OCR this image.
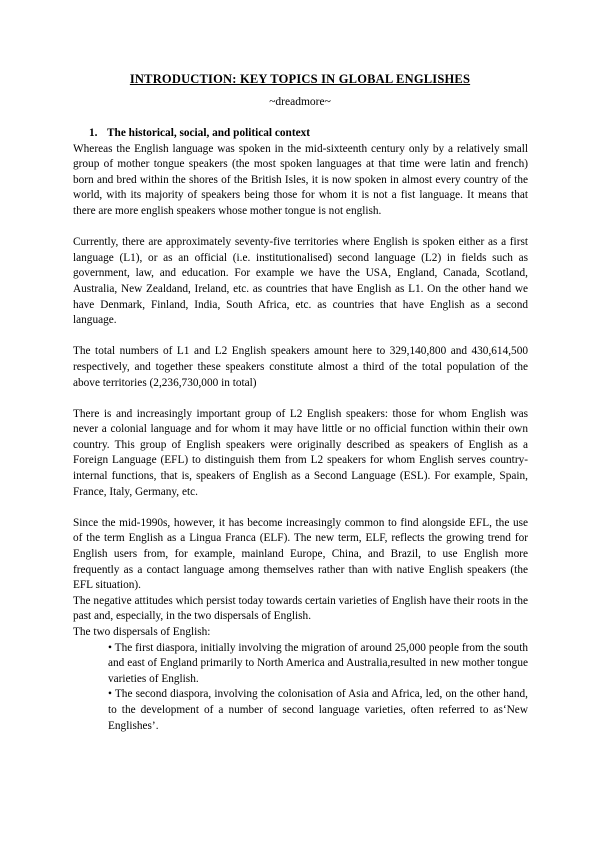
INTRODUCTION: KEY TOPICS IN GLOBAL ENGLISHES
~dreadmore~
1. The historical, social, and political context

Whereas the English language was spoken in the mid-sixteenth century only by a relatively small group of mother tongue speakers (the most spoken languages at that time were latin and french) born and bred within the shores of the British Isles, it is now spoken in almost every country of the world, with its majority of speakers being those for whom it is not a fist language. It means that there are more english speakers whose mother tongue is not english.

Currently, there are approximately seventy-five territories where English is spoken either as a first language (L1), or as an official (i.e. institutionalised) second language (L2) in fields such as government, law, and education. For example we have the USA, England, Canada, Scotland, Australia, New Zealdand, Ireland, etc. as countries that have English as L1. On the other hand we have Denmark, Finland, India, South Africa, etc. as countries that have English as a second language.

The total numbers of L1 and L2 English speakers amount here to 329,140,800 and 430,614,500 respectively, and together these speakers constitute almost a third of the total population of the above territories (2,236,730,000 in total)

There is and increasingly important group of L2 English speakers: those for whom English was never a colonial language and for whom it may have little or no official function within their own country. This group of English speakers were originally described as speakers of English as a Foreign Language (EFL) to distinguish them from L2 speakers for whom English serves country-internal functions, that is, speakers of English as a Second Language (ESL). For example, Spain, France, Italy, Germany, etc.

Since the mid-1990s, however, it has become increasingly common to find alongside EFL, the use of the term English as a Lingua Franca (ELF). The new term, ELF, reflects the growing trend for English users from, for example, mainland Europe, China, and Brazil, to use English more frequently as a contact language among themselves rather than with native English speakers (the EFL situation).

The negative attitudes which persist today towards certain varieties of English have their roots in the past and, especially, in the two dispersals of English.

The two dispersals of English:

• The first diaspora, initially involving the migration of around 25,000 people from the south and east of England primarily to North America and Australia,resulted in new mother tongue varieties of English.
• The second diaspora, involving the colonisation of Asia and Africa, led, on the other hand, to the development of a number of second language varieties, often referred to as‘New Englishes’.
